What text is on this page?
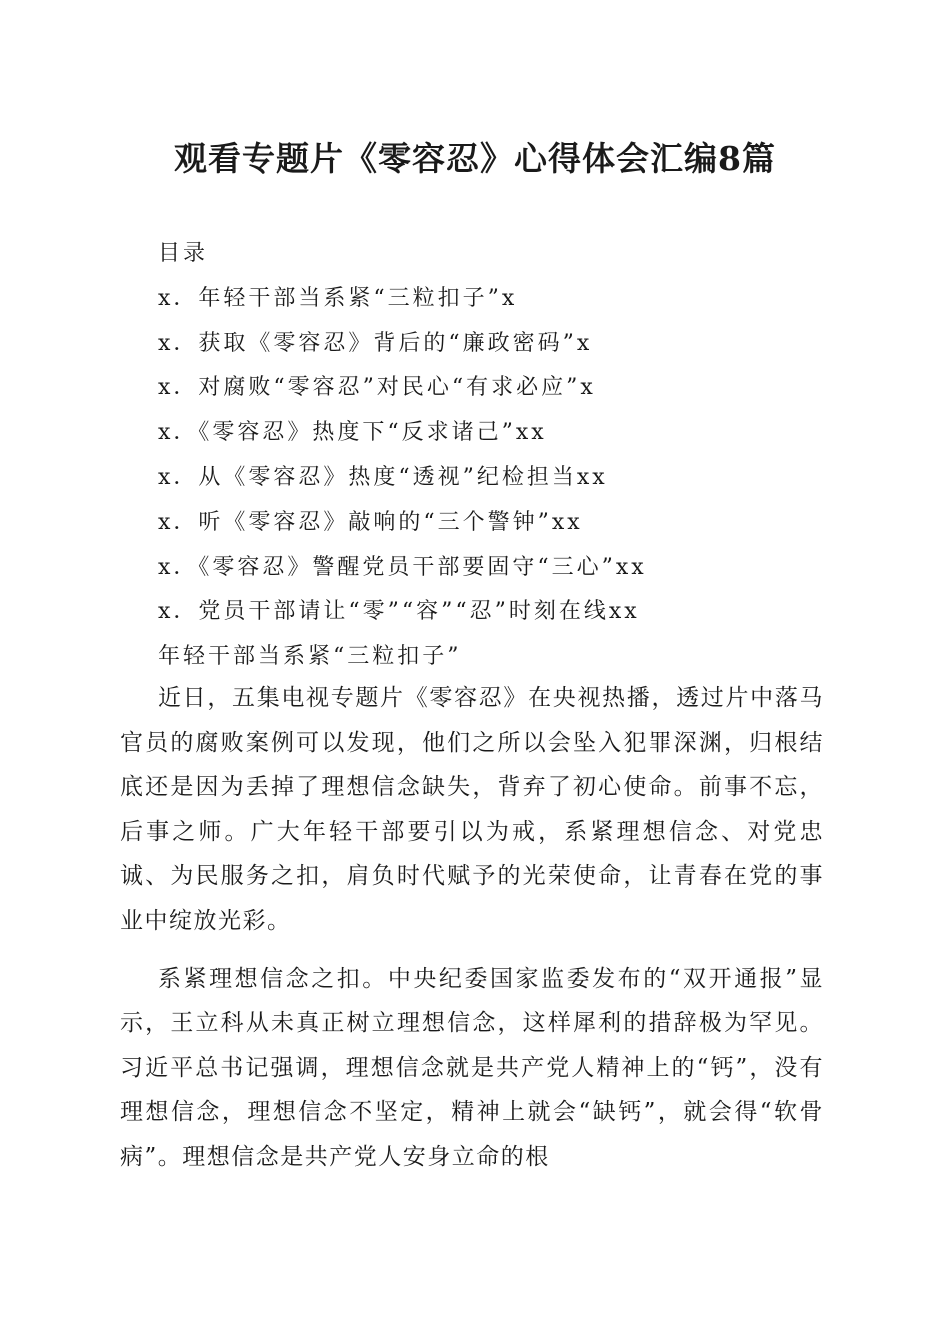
观看专题片《零容忍》心得体会汇编8篇
目录
x．年轻干部当系紧“三粒扣子”x
x．获取《零容忍》背后的“廉政密码”x
x．对腐败“零容忍”对民心“有求必应”x
x．《零容忍》热度下“反求诸己”xx
x．从《零容忍》热度“透视”纪检担当xx
x．听《零容忍》敲响的“三个警钟”xx
x．《零容忍》警醒党员干部要固守“三心”xx
x．党员干部请让“零”“容”“忍”时刻在线xx
年轻干部当系紧“三粒扣子”

近日，五集电视专题片《零容忍》在央视热播，透过片中落马官员的腐败案例可以发现，他们之所以会坠入犯罪深渊，归根结底还是因为丢掉了理想信念缺失，背弃了初心使命。前事不忘，后事之师。广大年轻干部要引以为戒，系紧理想信念、对党忠诚、为民服务之扣，肩负时代赋予的光荣使命，让青春在党的事业中绽放光彩。

系紧理想信念之扣。中央纪委国家监委发布的“双开通报”显示，王立科从未真正树立理想信念，这样犀利的措辞极为罕见。习近平总书记强调，理想信念就是共产党人精神上的“钙”，没有理想信念，理想信念不坚定，精神上就会“缺钙”，就会得“软骨病”。理想信念是共产党人安身立命的根
